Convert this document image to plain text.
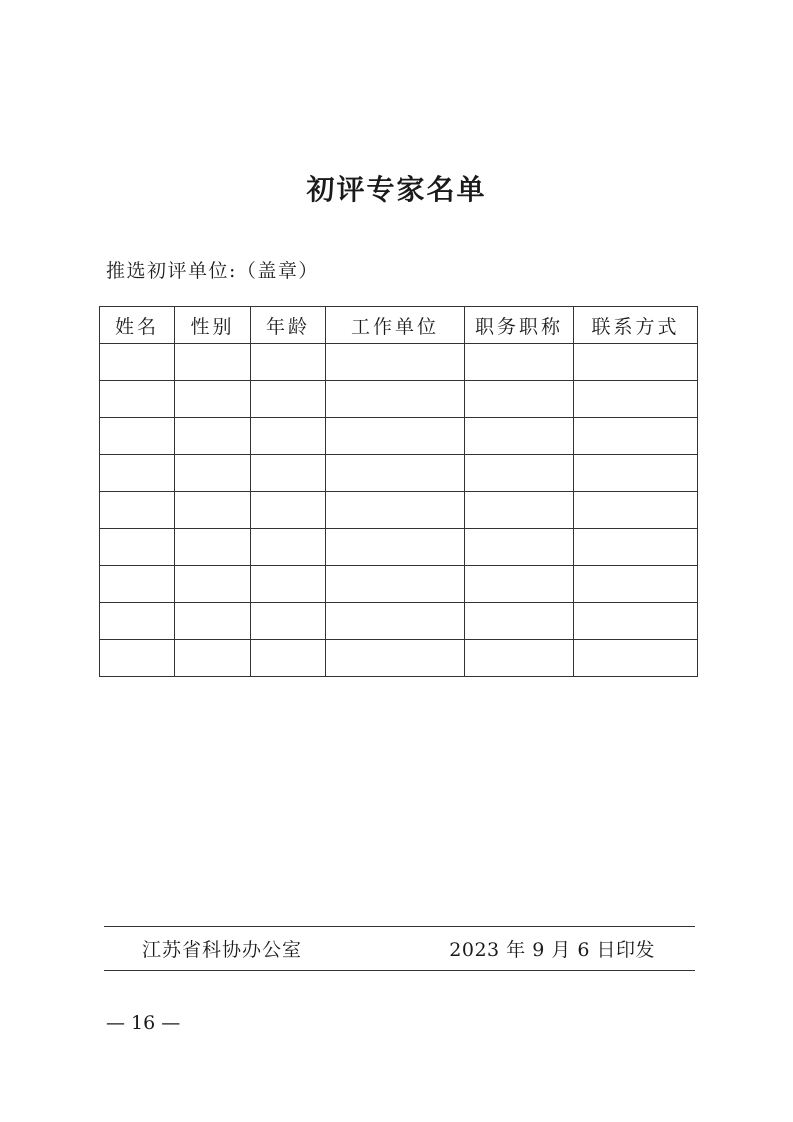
初评专家名单
推选初评单位:（盖章）
姓名	性别	年龄	工作单位	职务职称	联系方式

江苏省科协办公室	2023 年 9 月 6 日印发
— 16 —
